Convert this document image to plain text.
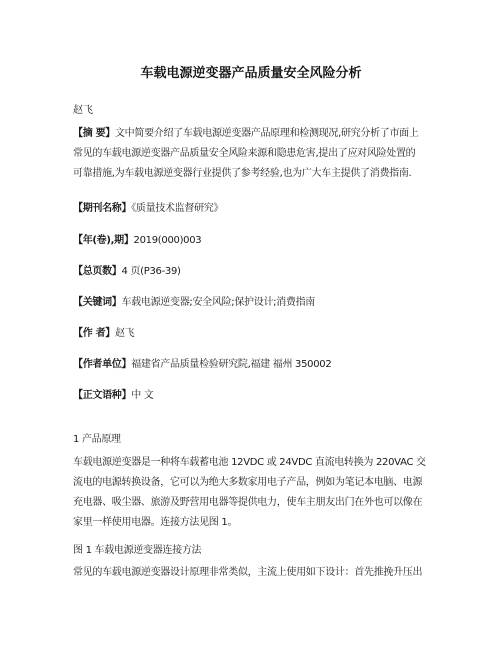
车载电源逆变器产品质量安全风险分析
赵飞
【摘 要】文中简要介绍了车载电源逆变器产品原理和检测现况,研究分析了市面上
常见的车载电源逆变器产品质量安全风险来源和隐患危害,提出了应对风险处置的
可靠措施,为车载电源逆变器行业提供了参考经验,也为广大车主提供了消费指南.
【期刊名称】《质量技术监督研究》
【年(卷),期】2019(000)003
【总页数】4 页(P36-39)
【关键词】车载电源逆变器;安全风险;保护设计;消费指南
【作 者】赵飞
【作者单位】福建省产品质量检验研究院,福建 福州 350002
【正文语种】中 文
1 产品原理
车载电源逆变器是一种将车载蓄电池 12VDC 或 24VDC 直流电转换为 220VAC 交
流电的电源转换设备，它可以为绝大多数家用电子产品，例如为笔记本电脑、电源
充电器、吸尘器、旅游及野营用电器等提供电力，使车主朋友出门在外也可以像在
家里一样使用电器。连接方法见图 1。
图 1 车载电源逆变器连接方法
常见的车载电源逆变器设计原理非常类似，主流上使用如下设计：首先推挽升压出
